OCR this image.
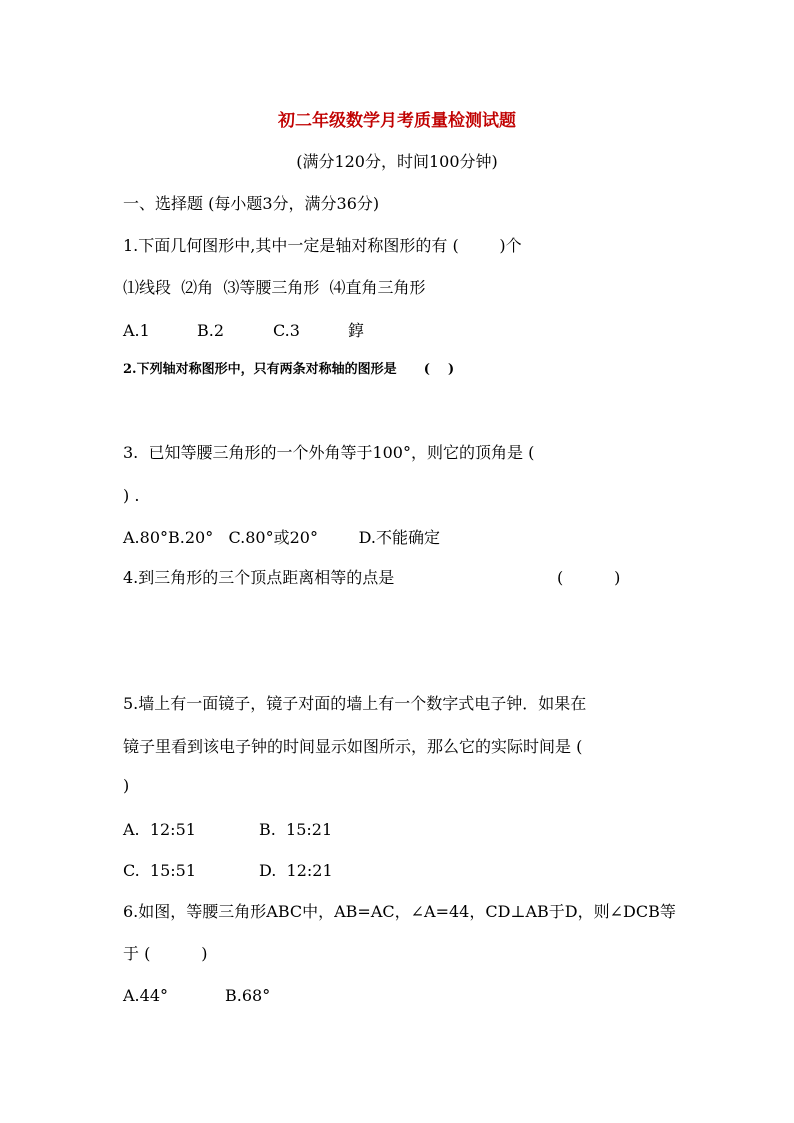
初二年级数学月考质量检测试题
(满分120分，时间100分钟)
一、选择题 (每小题3分，满分36分)
1.下面几何图形中,其中一定是轴对称图形的有 (        )个
⑴线段  ⑵角  ⑶等腰三角形  ⑷直角三角形

A.1

	B.2

	C.3

	錞

2.下列轴对称图形中，只有两条对称轴的图形是      (    )
3.  已知等腰三角形的一个外角等于100°，则它的顶角是 (
) .
A.80°B.20°   C.80°或20°        D.不能确定

4.到三角形的三个顶点距离相等的点是

	(          )

5.墙上有一面镜子，镜子对面的墙上有一个数字式电子钟．如果在
镜子里看到该电子钟的时间显示如图所示，那么它的实际时间是 (
)

A.  12:51

	B.  15:21

C.  15:51

	D.  12:21

6.如图，等腰三角形ABC中，AB=AC，∠A=44，CD⊥AB于D，则∠DCB等
于 (          )

A.44°

	B.68°
